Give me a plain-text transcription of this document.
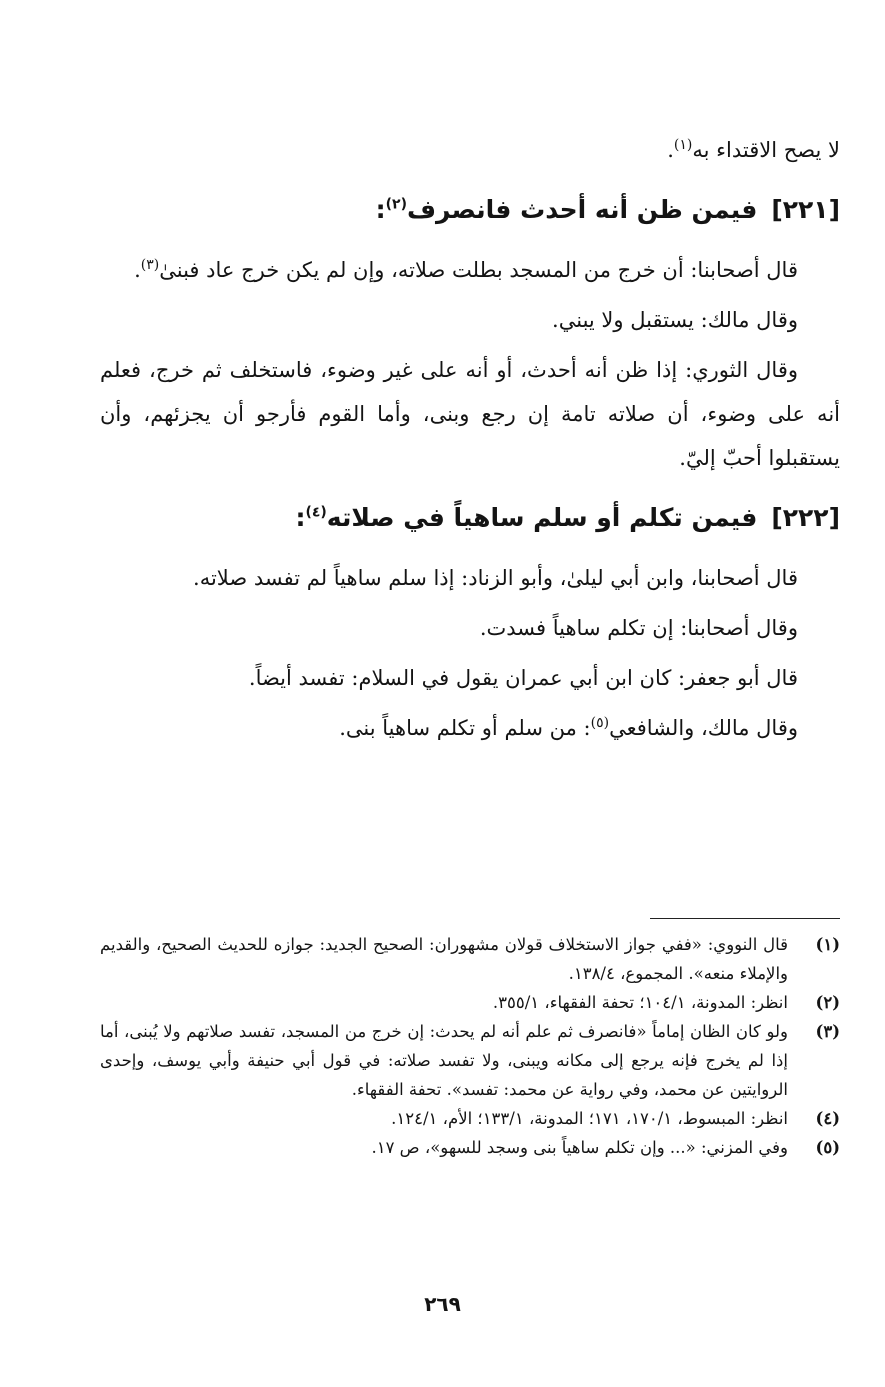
لا يصح الاقتداء به$^{(١)}$.

[٢٢١]فيمن ظن أنه أحدث فانصرف$^{(٢)}$:

قال أصحابنا: أن خرج من المسجد بطلت صلاته، وإن لم يكن خرج عاد فبنىٰ$^{(٣)}$.

وقال مالك: يستقبل ولا يبني.

وقال الثوري: إذا ظن أنه أحدث، أو أنه على غير وضوء، فاستخلف ثم خرج، فعلم أنه على وضوء، أن صلاته تامة إن رجع وبنى، وأما القوم فأرجو أن يجزئهم، وأن يستقبلوا أحبّ إليّ.

[٢٢٢]فيمن تكلم أو سلم ساهياً في صلاته$^{(٤)}$:

قال أصحابنا، وابن أبي ليلىٰ، وأبو الزناد: إذا سلم ساهياً لم تفسد صلاته.

وقال أصحابنا: إن تكلم ساهياً فسدت.

قال أبو جعفر: كان ابن أبي عمران يقول في السلام: تفسد أيضاً.

وقال مالك، والشافعي$^{(٥)}$: من سلم أو تكلم ساهياً بنى.

(١)
قال النووي: «ففي جواز الاستخلاف قولان مشهوران: الصحيح الجديد: جوازه للحديث الصحيح، والقديم والإملاء منعه». المجموع، ١٣٨/٤.
(٢)
انظر: المدونة، ١٠٤/١؛ تحفة الفقهاء، ٣٥٥/١.
(٣)
ولو كان الظان إماماً «فانصرف ثم علم أنه لم يحدث: إن خرج من المسجد، تفسد صلاتهم ولا يُبنى، أما إذا لم يخرج فإنه يرجع إلى مكانه ويبنى، ولا تفسد صلاته: في قول أبي حنيفة وأبي يوسف، وإحدى الروايتين عن محمد، وفي رواية عن محمد: تفسد». تحفة الفقهاء.
(٤)
انظر: المبسوط، ١٧٠/١، ١٧١؛ المدونة، ١٣٣/١؛ الأم، ١٢٤/١.
(٥)
وفي المزني: «... وإن تكلم ساهياً بنى وسجد للسهو»، ص ١٧.
٢٦٩
